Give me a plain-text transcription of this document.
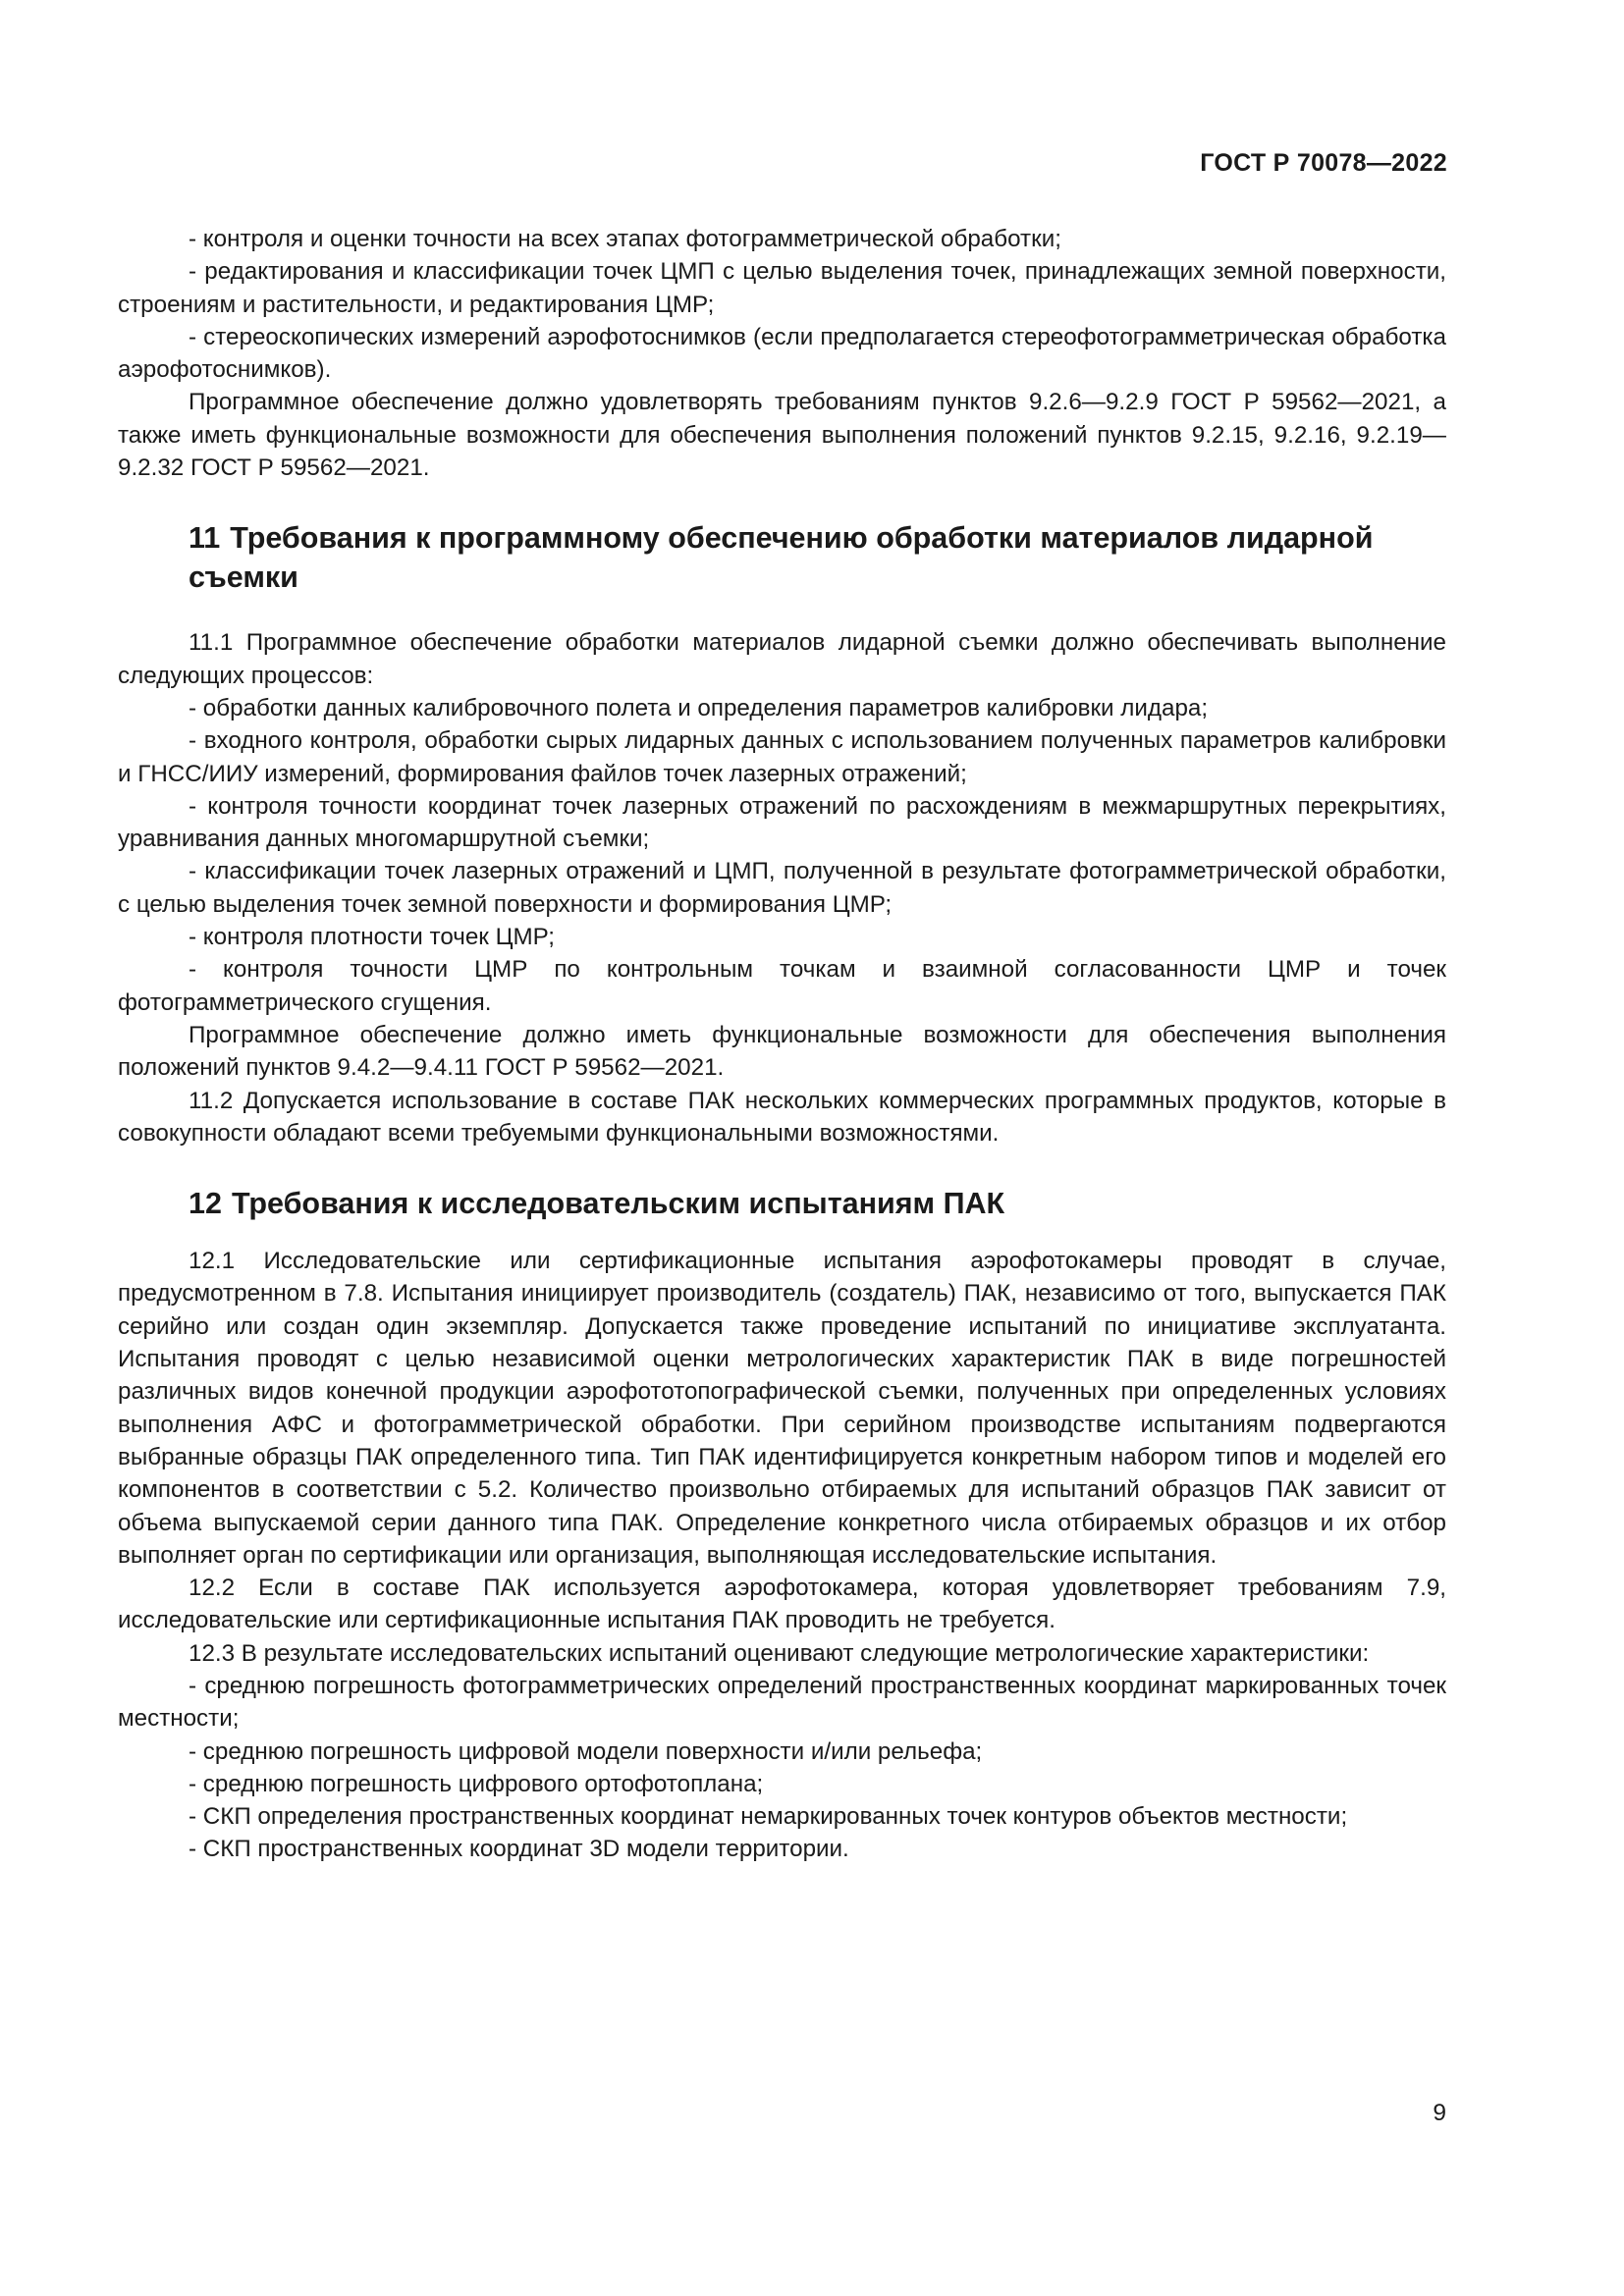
ГОСТ Р 70078—2022

- контроля и оценки точности на всех этапах фотограмметрической обработки;

- редактирования и классификации точек ЦМП с целью выделения точек, принадлежащих земной поверхности, строениям и растительности, и редактирования ЦМР;

- стереоскопических измерений аэрофотоснимков (если предполагается стереофотограмметрическая обработка аэрофотоснимков).

Программное обеспечение должно удовлетворять требованиям пунктов 9.2.6—9.2.9 ГОСТ Р 59562—2021, а также иметь функциональные возможности для обеспечения выполнения положений пунктов 9.2.15, 9.2.16, 9.2.19—9.2.32 ГОСТ Р 59562—2021.

11 Требования к программному обеспечению обработки материалов лидарной съемки

11.1 Программное обеспечение обработки материалов лидарной съемки должно обеспечивать выполнение следующих процессов:

- обработки данных калибровочного полета и определения параметров калибровки лидара;

- входного контроля, обработки сырых лидарных данных с использованием полученных параметров калибровки и ГНСС/ИИУ измерений, формирования файлов точек лазерных отражений;

- контроля точности координат точек лазерных отражений по расхождениям в межмаршрутных перекрытиях, уравнивания данных многомаршрутной съемки;

- классификации точек лазерных отражений и ЦМП, полученной в результате фотограмметрической обработки, с целью выделения точек земной поверхности и формирования ЦМР;

- контроля плотности точек ЦМР;

- контроля точности ЦМР по контрольным точкам и взаимной согласованности ЦМР и точек фотограмметрического сгущения.

Программное обеспечение должно иметь функциональные возможности для обеспечения выполнения положений пунктов 9.4.2—9.4.11 ГОСТ Р 59562—2021.

11.2 Допускается использование в составе ПАК нескольких коммерческих программных продуктов, которые в совокупности обладают всеми требуемыми функциональными возможностями.

12 Требования к исследовательским испытаниям ПАК

12.1 Исследовательские или сертификационные испытания аэрофотокамеры проводят в случае, предусмотренном в 7.8. Испытания инициирует производитель (создатель) ПАК, независимо от того, выпускается ПАК серийно или создан один экземпляр. Допускается также проведение испытаний по инициативе эксплуатанта. Испытания проводят с целью независимой оценки метрологических характеристик ПАК в виде погрешностей различных видов конечной продукции аэрофототопографической съемки, полученных при определенных условиях выполнения АФС и фотограмметрической обработки. При серийном производстве испытаниям подвергаются выбранные образцы ПАК определенного типа. Тип ПАК идентифицируется конкретным набором типов и моделей его компонентов в соответствии с 5.2. Количество произвольно отбираемых для испытаний образцов ПАК зависит от объема выпускаемой серии данного типа ПАК. Определение конкретного числа отбираемых образцов и их отбор выполняет орган по сертификации или организация, выполняющая исследовательские испытания.

12.2 Если в составе ПАК используется аэрофотокамера, которая удовлетворяет требованиям 7.9, исследовательские или сертификационные испытания ПАК проводить не требуется.

12.3 В результате исследовательских испытаний оценивают следующие метрологические характеристики:

- среднюю погрешность фотограмметрических определений пространственных координат маркированных точек местности;

- среднюю погрешность цифровой модели поверхности и/или рельефа;

- среднюю погрешность цифрового ортофотоплана;

- СКП определения пространственных координат немаркированных точек контуров объектов местности;

- СКП пространственных координат 3D модели территории.

9
